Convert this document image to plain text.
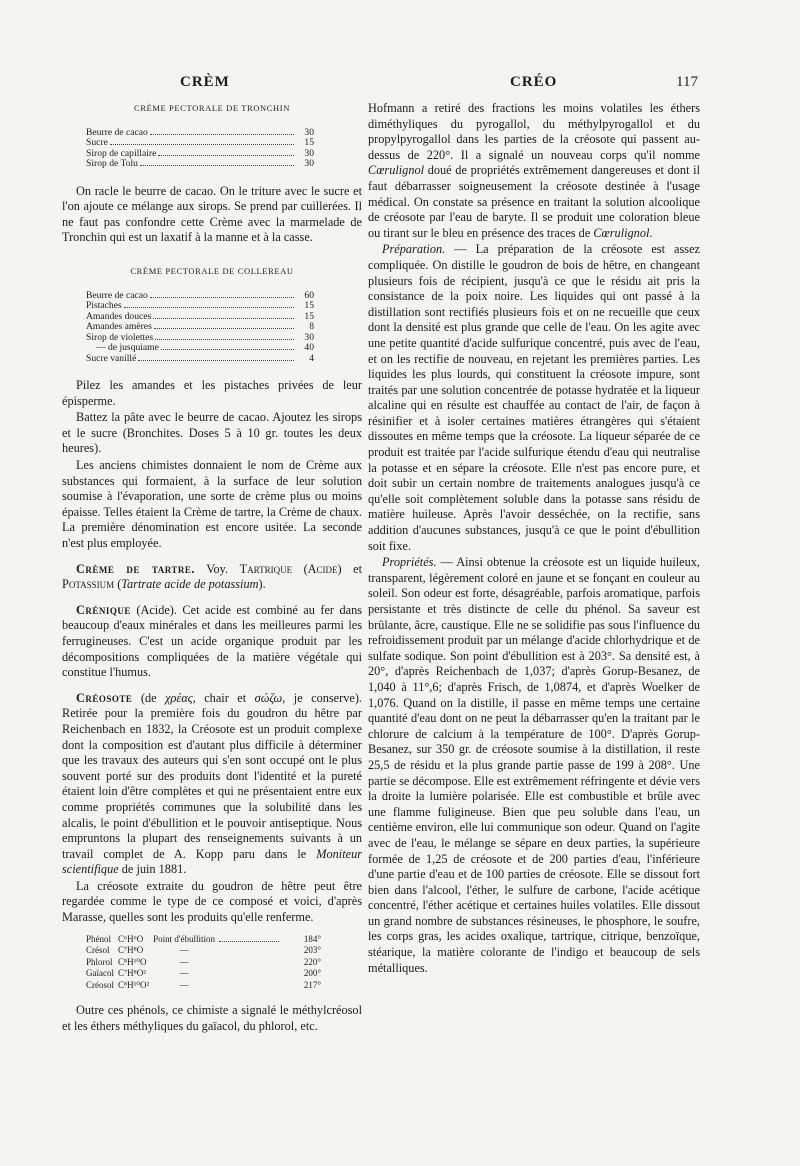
CRÈM	CRÉO	117
CRÈME PECTORALE DE TRONCHIN
Beurre de cacao	30
Sucre	15
Sirop de capillaire	30
Sirop de Tolu	30

On racle le beurre de cacao. On le triture avec le sucre et l'on ajoute ce mélange aux sirops. Se prend par cuillerées. Il ne faut pas confondre cette Crème avec la marmelade de Tronchin qui est un laxatif à la manne et à la casse.

CRÈME PECTORALE DE COLLEREAU
Beurre de cacao	60
Pistaches	15
Amandes douces	15
Amandes amères	8
Sirop de violettes	30
— de jusquiame	40
Sucre vanillé	4

Pilez les amandes et les pistaches privées de leur épisperme.

Battez la pâte avec le beurre de cacao. Ajoutez les sirops et le sucre (Bronchites. Doses 5 à 10 gr. toutes les deux heures).

Les anciens chimistes donnaient le nom de Crème aux substances qui formaient, à la surface de leur solution soumise à l'évaporation, une sorte de crème plus ou moins épaisse. Telles étaient la Crème de tartre, la Crème de chaux. La première dénomination est encore usitée. La seconde n'est plus employée.

Crème de tartre. Voy. Tartrique (Acide) et Potassium (Tartrate acide de potassium).

Crénique (Acide). Cet acide est combiné au fer dans beaucoup d'eaux minérales et dans les meilleures parmi les ferrugineuses. C'est un acide organique produit par les décompositions compliquées de la matière végétale qui constitue l'humus.

Créosote (de χρέας, chair et σώζω, je conserve). Retirée pour la première fois du goudron du hêtre par Reichenbach en 1832, la Créosote est un produit complexe dont la composition est d'autant plus difficile à déterminer que les travaux des auteurs qui s'en sont occupé ont le plus souvent porté sur des produits dont l'identité et la pureté étaient loin d'être complètes et qui ne présentaient entre eux comme propriétés communes que la solubilité dans les alcalis, le point d'ébullition et le pouvoir antiseptique. Nous empruntons la plupart des renseignements suivants à un travail complet de A. Kopp paru dans le Moniteur scientifique de juin 1881.

La créosote extraite du goudron de hêtre peut être regardée comme le type de ce composé et voici, d'après Marasse, quelles sont les produits qu'elle renferme.

Phénol	C⁶H⁶O	Point d'ébullition		184°
Crésol	C⁷H⁸O	—		203°
Phlorol	C⁸H¹⁰O	—		220°
Gaïacol	C⁷H⁸O²	—		200°
Créosol	C⁸H¹⁰O²	—		217°

Outre ces phénols, ce chimiste a signalé le méthylcréosol et les éthers méthyliques du gaïacol, du phlorol, etc.

Hofmann a retiré des fractions les moins volatiles les éthers diméthyliques du pyrogallol, du méthylpyrogallol et du propylpyrogallol dans les parties de la créosote qui passent au-dessus de 220°. Il a signalé un nouveau corps qu'il nomme Cœrulignol doué de propriétés extrêmement dangereuses et dont il faut débarrasser soigneusement la créosote destinée à l'usage médical. On constate sa présence en traitant la solution alcoolique de créosote par l'eau de baryte. Il se produit une coloration bleue ou tirant sur le bleu en présence des traces de Cœrulignol.

Préparation. — La préparation de la créosote est assez compliquée. On distille le goudron de bois de hêtre, en changeant plusieurs fois de récipient, jusqu'à ce que le résidu ait pris la consistance de la poix noire. Les liquides qui ont passé à la distillation sont rectifiés plusieurs fois et on ne recueille que ceux dont la densité est plus grande que celle de l'eau. On les agite avec une petite quantité d'acide sulfurique concentré, puis avec de l'eau, et on les rectifie de nouveau, en rejetant les premières parties. Les liquides les plus lourds, qui constituent la créosote impure, sont traités par une solution concentrée de potasse hydratée et la liqueur alcaline qui en résulte est chauffée au contact de l'air, de façon à résinifier et à isoler certaines matières étrangères qui s'étaient dissoutes en même temps que la créosote. La liqueur séparée de ce produit est traitée par l'acide sulfurique étendu d'eau qui neutralise la potasse et en sépare la créosote. Elle n'est pas encore pure, et doit subir un certain nombre de traitements analogues jusqu'à ce qu'elle soit complètement soluble dans la potasse sans résidu de matière huileuse. Après l'avoir desséchée, on la rectifie, sans addition d'aucunes substances, jusqu'à ce que le point d'ébullition soit fixe.

Propriétés. — Ainsi obtenue la créosote est un liquide huileux, transparent, légèrement coloré en jaune et se fonçant en couleur au soleil. Son odeur est forte, désagréable, parfois aromatique, parfois persistante et très distincte de celle du phénol. Sa saveur est brûlante, âcre, caustique. Elle ne se solidifie pas sous l'influence du refroidissement produit par un mélange d'acide chlorhydrique et de sulfate sodique. Son point d'ébullition est à 203°. Sa densité est, à 20°, d'après Reichenbach de 1,037; d'après Gorup-Besanez, de 1,040 à 11°,6; d'après Frisch, de 1,0874, et d'après Woelker de 1,076. Quand on la distille, il passe en même temps une certaine quantité d'eau dont on ne peut la débarrasser qu'en la traitant par le chlorure de calcium à la température de 100°. D'après Gorup-Besanez, sur 350 gr. de créosote soumise à la distillation, il reste 25,5 de résidu et la plus grande partie passe de 199 à 208°. Une partie se décompose. Elle est extrêmement réfringente et dévie vers la droite la lumière polarisée. Elle est combustible et brûle avec une flamme fuligineuse. Bien que peu soluble dans l'eau, un centième environ, elle lui communique son odeur. Quand on l'agite avec de l'eau, le mélange se sépare en deux parties, la supérieure formée de 1,25 de créosote et de 200 parties d'eau, l'inférieure d'une partie d'eau et de 100 parties de créosote. Elle se dissout fort bien dans l'alcool, l'éther, le sulfure de carbone, l'acide acétique concentré, l'éther acétique et certaines huiles volatiles. Elle dissout un grand nombre de substances résineuses, le phosphore, le soufre, les corps gras, les acides oxalique, tartrique, citrique, benzoïque, stéarique, la matière colorante de l'indigo et beaucoup de sels métalliques.
